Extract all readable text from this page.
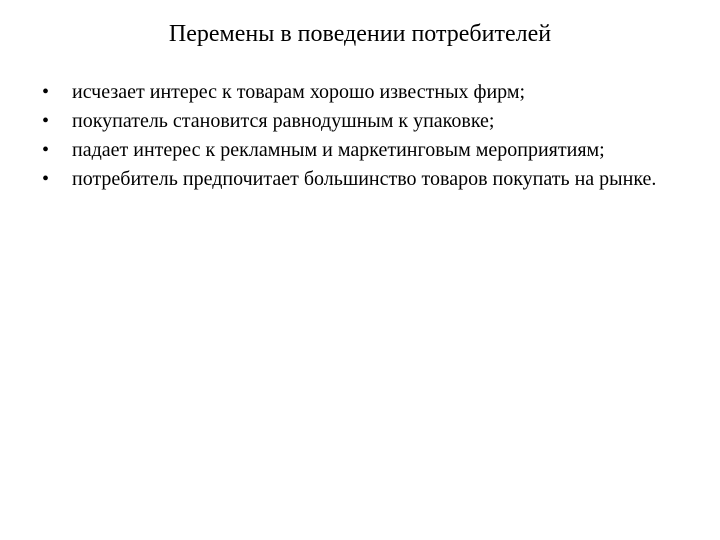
Перемены в поведении потребителей
•	исчезает интерес к товарам хорошо известных фирм;
•	покупатель становится равнодушным к упаковке;
•	падает интерес к рекламным и маркетинговым мероприятиям;
•	потребитель предпочитает большинство товаров покупать на рынке.
